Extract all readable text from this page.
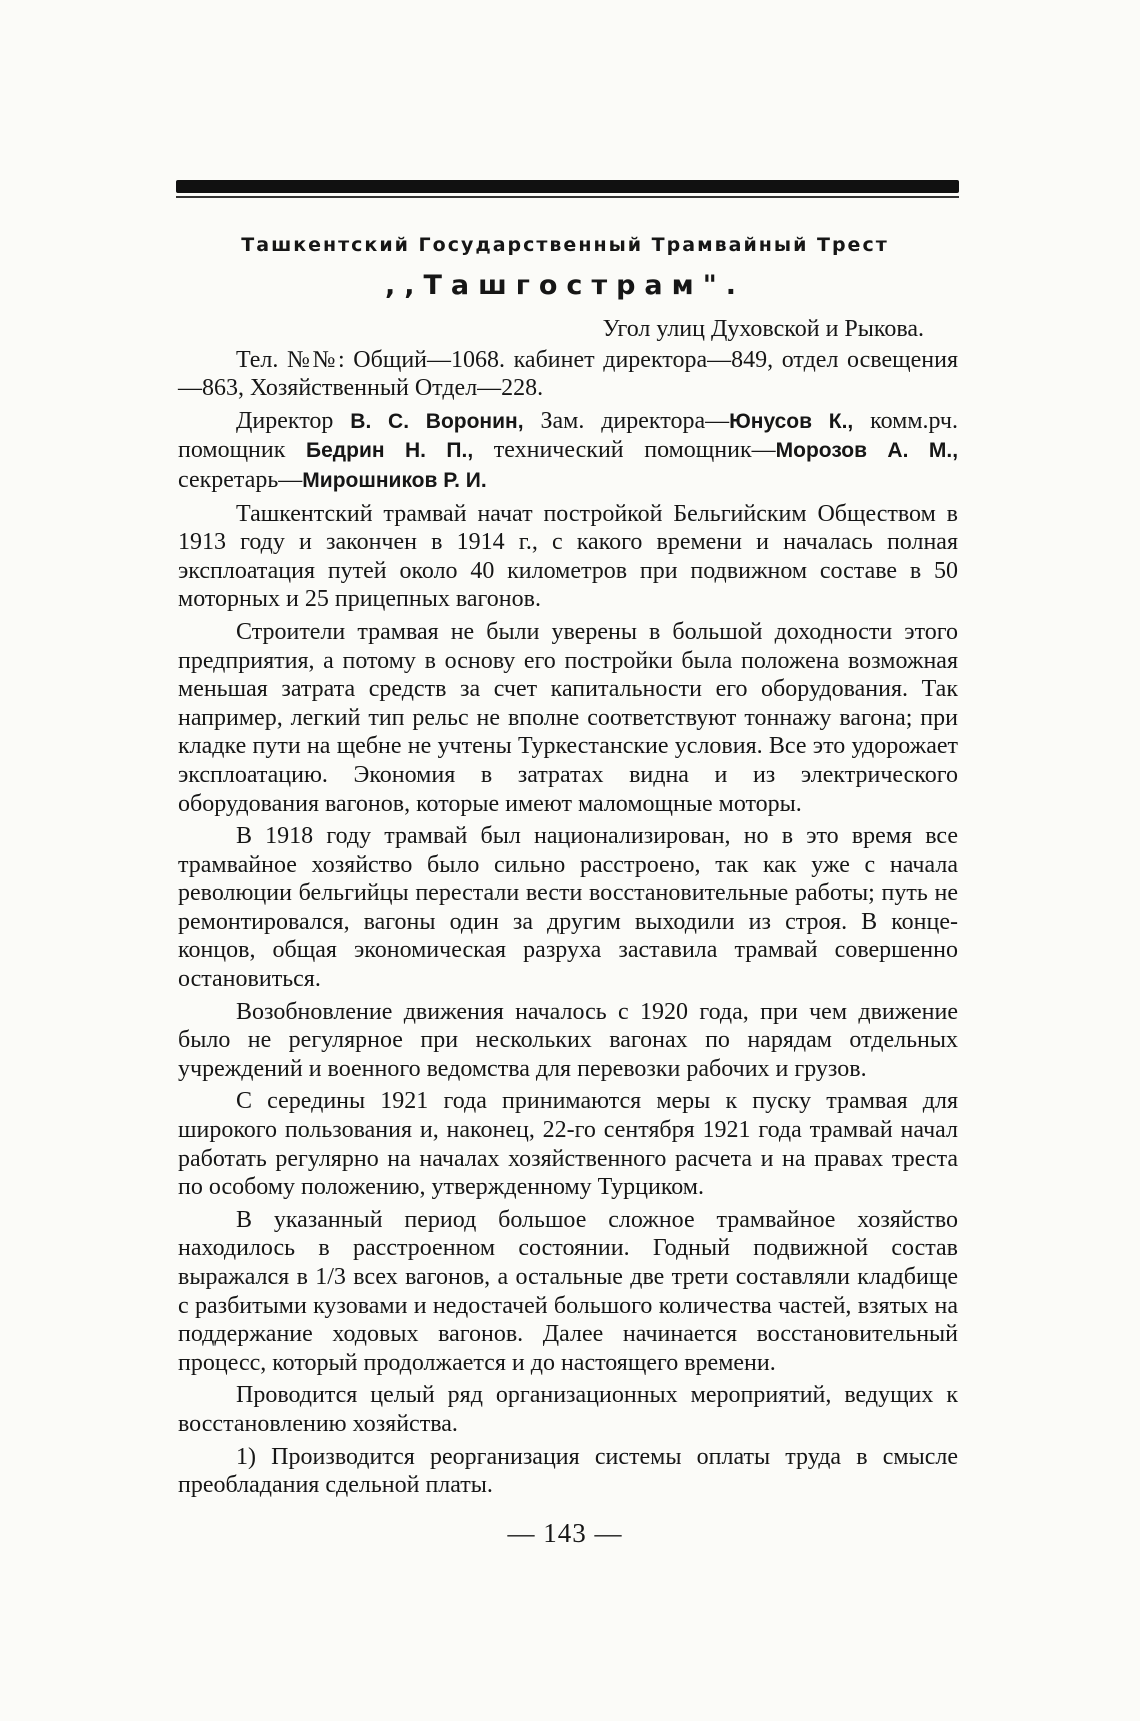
Ташкентский Государственный Трамвайный Трест

,,Ташгострам".

Угол улиц Духовской и Рыкова.

Тел. №№: Общий—1068. кабинет директора—849, отдел освещения—863, Хозяйственный Отдел—228.

Директор В. С. Воронин, Зам. директора—Юнусов К., комм.рч. помощник Бедрин Н. П., технический помощник—Морозов А. М., секретарь—Мирошников Р. И.

Ташкентский трамвай начат постройкой Бельгийским Обществом в 1913 году и закончен в 1914 г., с какого времени и началась полная эксплоатация путей около 40 километров при подвижном составе в 50 моторных и 25 прицепных вагонов.

Строители трамвая не были уверены в большой доходности этого предприятия, а потому в основу его постройки была положена возможная меньшая затрата средств за счет капитальности его оборудования. Так например, легкий тип рельс не вполне соответствуют тоннажу вагона; при кладке пути на щебне не учтены Туркестанские условия. Все это удорожает эксплоатацию. Экономия в затратах видна и из электрического оборудования вагонов, которые имеют маломощные моторы.

В 1918 году трамвай был национализирован, но в это время все трамвайное хозяйство было сильно расстроено, так как уже с начала революции бельгийцы перестали вести восстановительные работы; путь не ремонтировался, вагоны один за другим выходили из строя. В конце-концов, общая экономическая разруха заставила трамвай совершенно остановиться.

Возобновление движения началось с 1920 года, при чем движение было не регулярное при нескольких вагонах по нарядам отдельных учреждений и военного ведомства для перевозки рабочих и грузов.

С середины 1921 года принимаются меры к пуску трамвая для широкого пользования и, наконец, 22-го сентября 1921 года трамвай начал работать регулярно на началах хозяйственного расчета и на правах треста по особому положению, утвержденному Турциком.

В указанный период большое сложное трамвайное хозяйство находилось в расстроенном состоянии. Годный подвижной состав выражался в 1/3 всех вагонов, а остальные две трети составляли кладбище с разбитыми кузовами и недостачей большого количества частей, взятых на поддержание ходовых вагонов. Далее начинается восстановительный процесс, который продолжается и до настоящего времени.

Проводится целый ряд организационных мероприятий, ведущих к восстановлению хозяйства.

1) Производится реорганизация системы оплаты труда в смысле преобладания сдельной платы.

— 143 —
